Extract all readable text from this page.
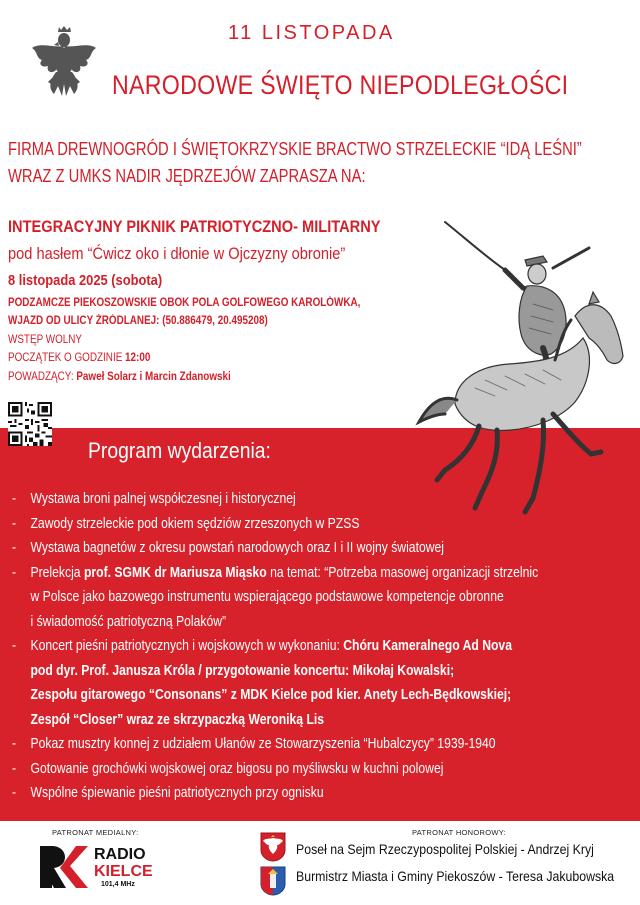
11 LISTOPADA
NARODOWE ŚWIĘTO NIEPODLEGŁOŚCI
FIRMA DREWNOGRÓD I ŚWIĘTOKRZYSKIE BRACTWO STRZELECKIE “IDĄ LEŚNI”
WRAZ Z UMKS NADIR JĘDRZEJÓW ZAPRASZA NA:
INTEGRACYJNY PIKNIK PATRIOTYCZNO- MILITARNY
pod hasłem “Ćwicz oko i dłonie w Ojczyzny obronie”
8 listopada 2025 (sobota)
PODZAMCZE PIEKOSZOWSKIE OBOK POLA GOLFOWEGO KAROLÓWKA,
WJAZD OD ULICY ŹRÓDLANEJ: (50.886479, 20.495208)
WSTĘP WOLNY
POCZĄTEK O GODZINIE 12:00
POWADZĄCY: Paweł Solarz i Marcin Zdanowski
Program wydarzenia:
- Wystawa broni palnej współczesnej i historycznej
- Zawody strzeleckie pod okiem sędziów zrzeszonych w PZSS
- Wystawa bagnetów z okresu powstań narodowych oraz I i II wojny światowej
- Prelekcja prof. SGMK dr Mariusza Miąsko na temat: “Potrzeba masowej organizacji strzelnic
w Polsce jako bazowego instrumentu wspierającego podstawowe kompetencje obronne
i świadomość patriotyczną Polaków”
- Koncert pieśni patriotycznych i wojskowych w wykonaniu: Chóru Kameralnego Ad Nova
pod dyr. Prof. Janusza Króla / przygotowanie koncertu: Mikołaj Kowalski;
Zespołu gitarowego “Consonans” z MDK Kielce pod kier. Anety Lech-Będkowskiej;
Zespół “Closer” wraz ze skrzypaczką Weroniką Lis
- Pokaz musztry konnej z udziałem Ułanów ze Stowarzyszenia “Hubalczycy” 1939-1940
- Gotowanie grochówki wojskowej oraz bigosu po myśliwsku w kuchni polowej
- Wspólne śpiewanie pieśni patriotycznych przy ognisku
PATRONAT MEDIALNY:	PATRONAT HONOROWY:
RADIO
KIELCE
101,4 MHz
Poseł na Sejm Rzeczypospolitej Polskiej - Andrzej Kryj
Burmistrz Miasta i Gminy Piekoszów - Teresa Jakubowska
